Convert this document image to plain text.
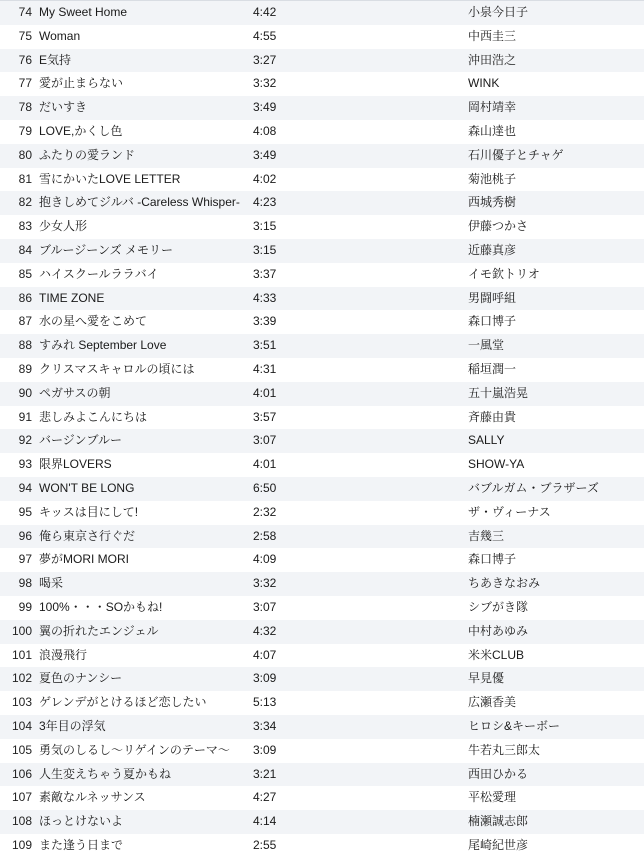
74 My Sweet Home	4:42	小泉今日子
75 Woman	4:55	中西圭三
76 E気持	3:27	沖田浩之
77 愛が止まらない	3:32	WINK
78 だいすき	3:49	岡村靖幸
79 LOVE,かくし色	4:08	森山達也
80 ふたりの愛ランド	3:49	石川優子とチャゲ
81 雪にかいたLOVE LETTER	4:02	菊池桃子
82 抱きしめてジルバ -Careless Whisper- 4:23	西城秀樹
83 少女人形	3:15	伊藤つかさ
84 ブルージーンズ メモリー	3:15	近藤真彦
85 ハイスクールララバイ	3:37	イモ欽トリオ
86 TIME ZONE	4:33	男闘呼組
87 水の星へ愛をこめて	3:39	森口博子
88 すみれ September Love	3:51	一風堂
89 クリスマスキャロルの頃には	4:31	稲垣潤一
90 ペガサスの朝	4:01	五十嵐浩晃
91 悲しみよこんにちは	3:57	斉藤由貴
92 バージンブルー	3:07	SALLY
93 限界LOVERS	4:01	SHOW-YA
94 WON'T BE LONG	6:50	バブルガム・ブラザーズ
95 キッスは目にして!	2:32	ザ・ヴィーナス
96 俺ら東京さ行ぐだ	2:58	吉幾三
97 夢がMORI MORI	4:09	森口博子
98 喝采	3:32	ちあきなおみ
99 100%・・・SOかもね!	3:07	シブがき隊
100 翼の折れたエンジェル	4:32	中村あゆみ
101 浪漫飛行	4:07	米米CLUB
102 夏色のナンシー	3:09	早見優
103 ゲレンデがとけるほど恋したい	5:13	広瀬香美
104 3年目の浮気	3:34	ヒロシ&キーボー
105 勇気のしるし〜リゲインのテーマ〜 3:09	牛若丸三郎太
106 人生変えちゃう夏かもね	3:21	西田ひかる
107 素敵なルネッサンス	4:27	平松愛理
108 ほっとけないよ	4:14	楠瀬誠志郎
109 また逢う日まで	2:55	尾崎紀世彦
